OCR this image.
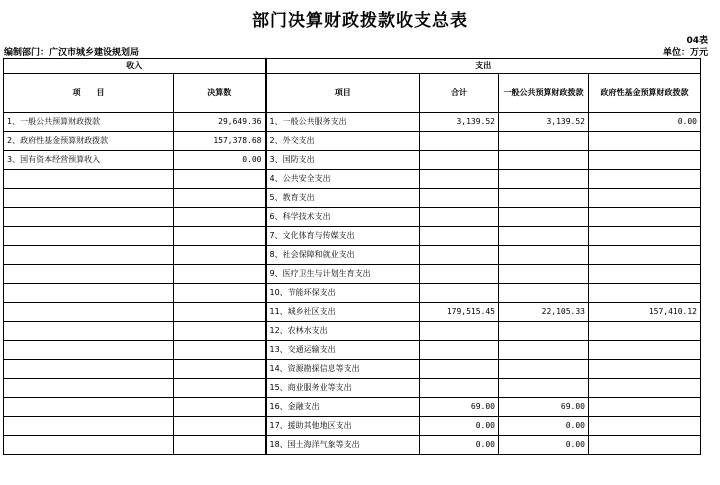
部门决算财政拨款收支总表
04表
编制部门：广汉市城乡建设规划局	单位：万元
收入		支出			
项　　目	决算数	项目	合计	一般公共预算财政拨款	政府性基金预算财政拨款
1、一般公共预算财政拨款	29,649.36	1、一般公共服务支出	3,139.52	3,139.52	0.00
2、政府性基金预算财政拨款	157,378.68	2、外交支出			
3、国有资本经营预算收入	0.00	3、国防支出			
		4、公共安全支出			
		5、教育支出			
		6、科学技术支出			
		7、文化体育与传媒支出			
		8、社会保障和就业支出			
		9、医疗卫生与计划生育支出			
		10、节能环保支出			
		11、城乡社区支出	179,515.45	22,105.33	157,410.12
		12、农林水支出			
		13、交通运输支出			
		14、资源勘探信息等支出			
		15、商业服务业等支出			
		16、金融支出	69.00	69.00	
		17、援助其他地区支出	0.00	0.00	
		18、国土海洋气象等支出	0.00	0.00	
